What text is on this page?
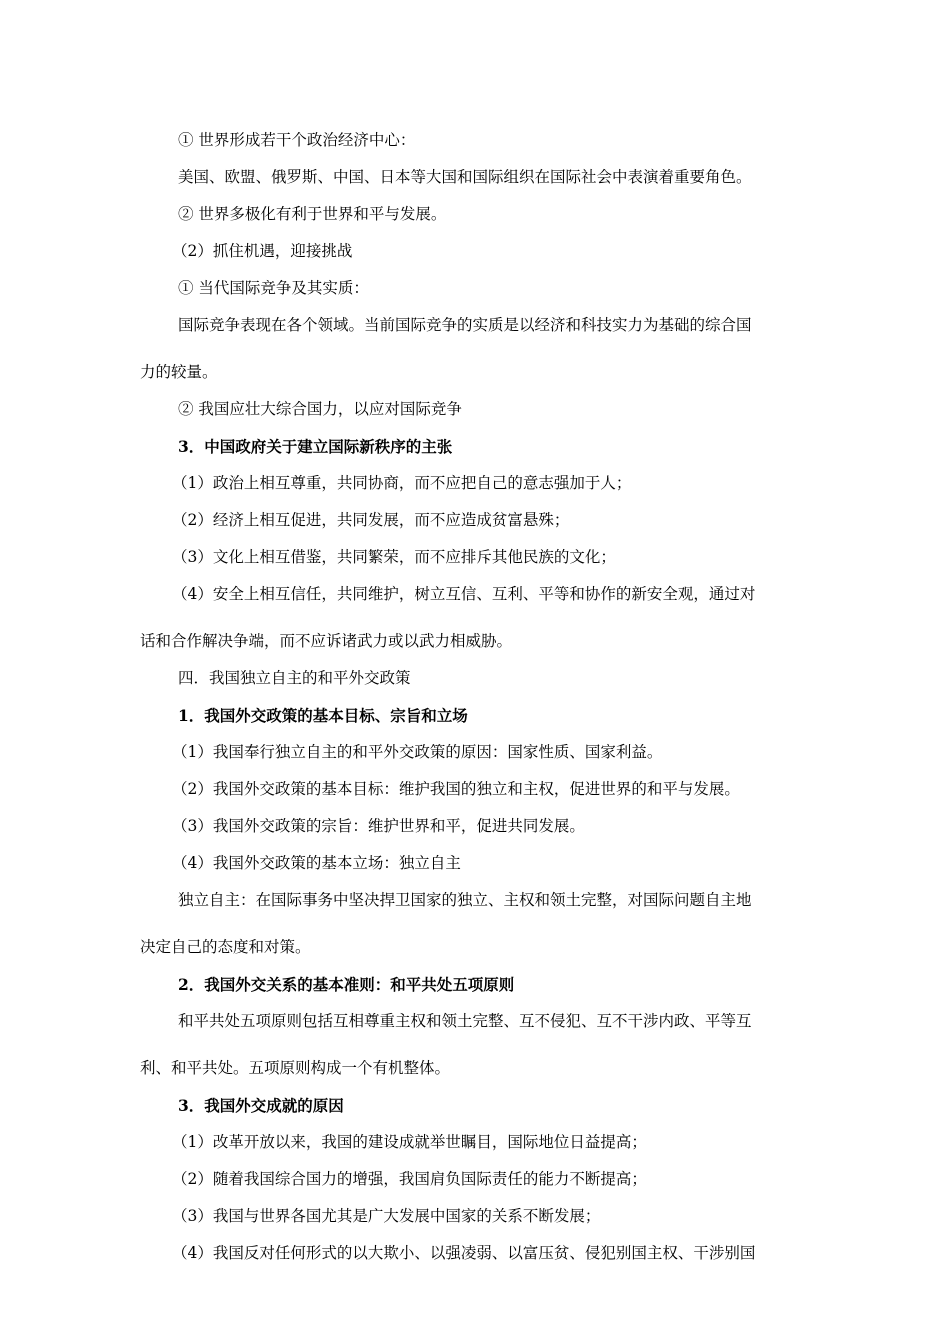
① 世界形成若干个政治经济中心：

美国、欧盟、俄罗斯、中国、日本等大国和国际组织在国际社会中表演着重要角色。

② 世界多极化有利于世界和平与发展。

（2）抓住机遇，迎接挑战

① 当代国际竞争及其实质：

国际竞争表现在各个领域。当前国际竞争的实质是以经济和科技实力为基础的综合国
力的较量。

② 我国应壮大综合国力，以应对国际竞争

3．中国政府关于建立国际新秩序的主张

（1）政治上相互尊重，共同协商，而不应把自己的意志强加于人；

（2）经济上相互促进，共同发展，而不应造成贫富悬殊；

（3）文化上相互借鉴，共同繁荣，而不应排斥其他民族的文化；

（4）安全上相互信任，共同维护，树立互信、互利、平等和协作的新安全观，通过对
话和合作解决争端，而不应诉诸武力或以武力相威胁。

四．我国独立自主的和平外交政策

1．我国外交政策的基本目标、宗旨和立场

（1）我国奉行独立自主的和平外交政策的原因：国家性质、国家利益。

（2）我国外交政策的基本目标：维护我国的独立和主权，促进世界的和平与发展。

（3）我国外交政策的宗旨：维护世界和平，促进共同发展。

（4）我国外交政策的基本立场：独立自主

独立自主：在国际事务中坚决捍卫国家的独立、主权和领土完整，对国际问题自主地
决定自己的态度和对策。

2．我国外交关系的基本准则：和平共处五项原则

和平共处五项原则包括互相尊重主权和领土完整、互不侵犯、互不干涉内政、平等互
利、和平共处。五项原则构成一个有机整体。

3．我国外交成就的原因

（1）改革开放以来，我国的建设成就举世瞩目，国际地位日益提高；

（2）随着我国综合国力的增强，我国肩负国际责任的能力不断提高；

（3）我国与世界各国尤其是广大发展中国家的关系不断发展；

（4）我国反对任何形式的以大欺小、以强凌弱、以富压贫、侵犯别国主权、干涉别国
